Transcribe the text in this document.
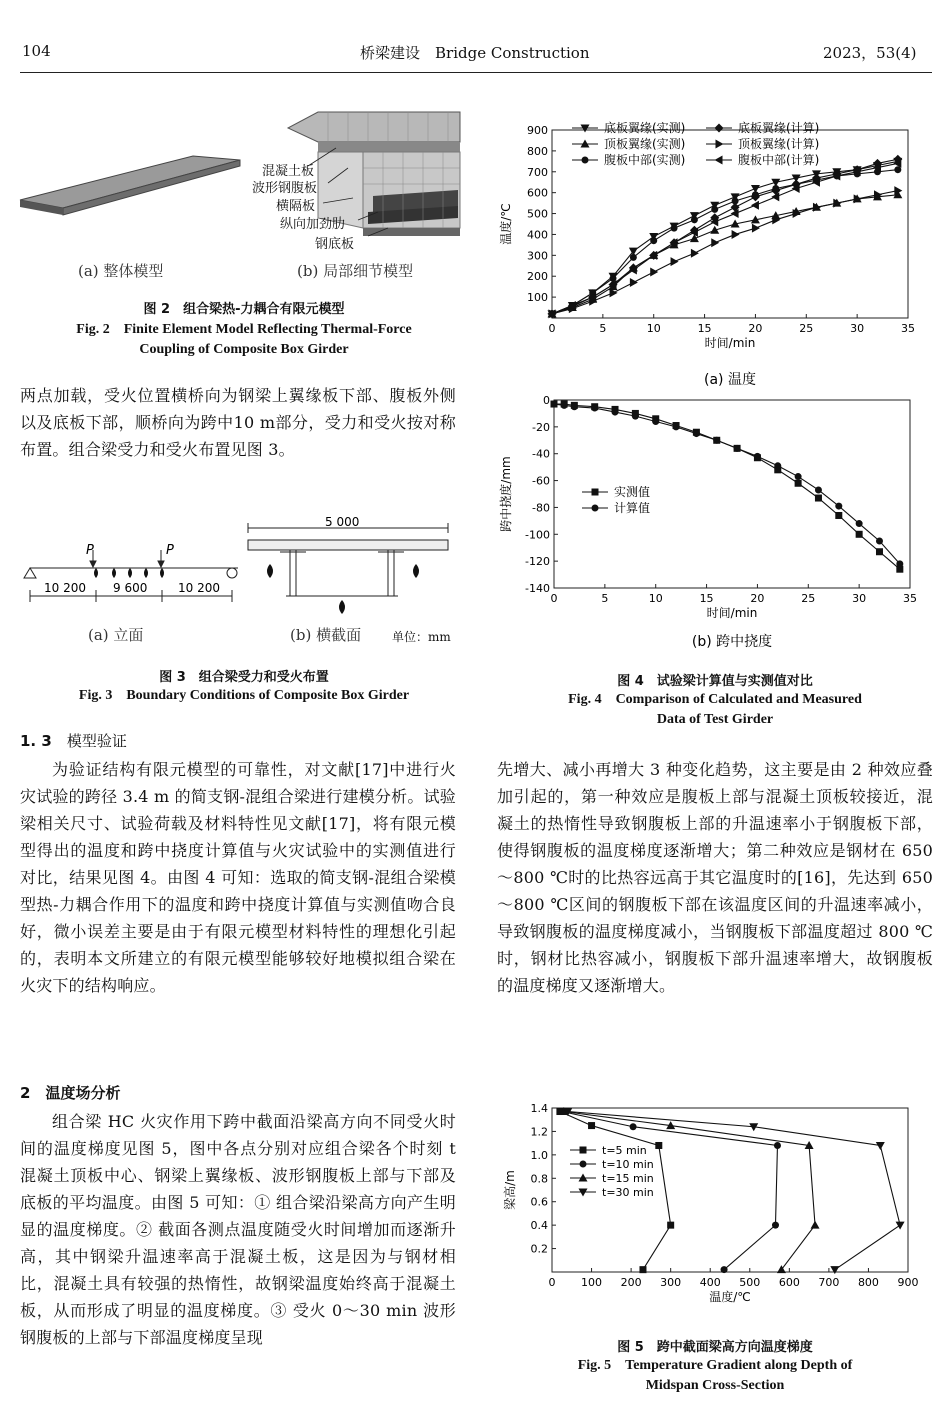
104	桥梁建设　Bridge Construction	2023，53(4)
混凝土板
波形钢腹板
横隔板
纵向加劲肋
钢底板
(a) 整体模型	(b) 局部细节模型
图 2　组合梁热-力耦合有限元模型
Fig. 2　Finite Element Model Reflecting Thermal-Force
Coupling of Composite Box Girder

两点加载，受火位置横桥向为钢梁上翼缘板下部、腹板外侧以及底板下部，顺桥向为跨中10 m部分，受力和受火按对称布置。组合梁受力和受火布置见图 3。

P	P
10 200 9 600	10 200
5 000
(a) 立面	(b) 横截面	单位：mm
图 3　组合梁受力和受火布置
Fig. 3　Boundary Conditions of Composite Box Girder
1. 3　 模型验证

为验证结构有限元模型的可靠性，对文献[17]中进行火灾试验的跨径 3.4 m 的简支钢-混组合梁进行建模分析。试验梁相关尺寸、试验荷载及材料特性见文献[17]，将有限元模型得出的温度和跨中挠度计算值与火灾试验中的实测值进行对比，结果见图 4。由图 4 可知：选取的简支钢-混组合梁模型热-力耦合作用下的温度和跨中挠度计算值与实测值吻合良好，微小误差主要是由于有限元模型材料特性的理想化引起的，表明本文所建立的有限元模型能够较好地模拟组合梁在火灾下的结构响应。

2　 温度场分析

组合梁 HC 火灾作用下跨中截面沿梁高方向不同受火时间的温度梯度见图 5，图中各点分别对应组合梁各个时刻 t 混凝土顶板中心、钢梁上翼缘板、波形钢腹板上部与下部及底板的平均温度。由图 5 可知：① 组合梁沿梁高方向产生明显的温度梯度。② 截面各测点温度随受火时间增加而逐渐升高，其中钢梁升温速率高于混凝土板，这是因为与钢材相比，混凝土具有较强的热惰性，故钢梁温度始终高于混凝土板，从而形成了明显的温度梯度。③ 受火 0～30 min 波形钢腹板的上部与下部温度梯度呈现

先增大、减小再增大 3 种变化趋势，这主要是由 2 种效应叠加引起的，第一种效应是腹板上部与混凝土顶板较接近，混凝土的热惰性导致钢腹板上部的升温速率小于钢腹板下部，使得钢腹板的温度梯度逐渐增大；第二种效应是钢材在 650～800 ℃时的比热容远高于其它温度时的[16]，先达到 650～800 ℃区间的钢腹板下部在该温度区间的升温速率减小，导致钢腹板的温度梯度减小，当钢腹板下部温度超过 800 ℃时，钢材比热容减小，钢腹板下部升温速率增大，故钢腹板的温度梯度又逐渐增大。

0	5	10	15	20	25	30	35
100
200
300
400
500
600
700
800
900
时间/min
温度/℃
底板翼缘(实测)	底板翼缘(计算)
顶板翼缘(实测)	顶板翼缘(计算)
腹板中部(实测)	腹板中部(计算)
(a) 温度
0	5	10	15	20	25	30	35
0
-20
-40
-60
-80
-100
-120
-140
时间/min
跨中挠度/mm	实测值
计算值
(b) 跨中挠度
图 4　试验梁计算值与实测值对比
Fig. 4　Comparison of Calculated and Measured
Data of Test Girder
0 100 200 300 400 500 600 700 800 900
0.2
0.4
0.6
0.8
1.0
1.2
1.4
温度/℃
梁高/m
t=5 min
t=10 min
t=15 min
t=30 min
图 5　跨中截面梁高方向温度梯度
Fig. 5　Temperature Gradient along Depth of
Midspan Cross-Section
